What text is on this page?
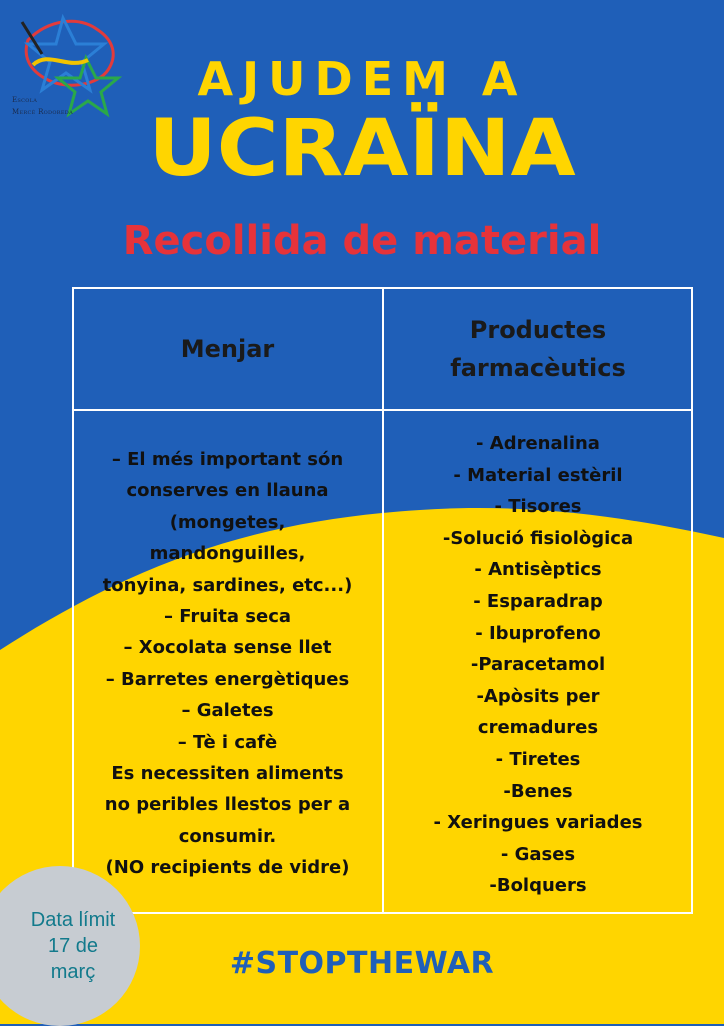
Escola
Mercè Rodoreda
AJUDEM A
UCRAÏNA
Recollida de material
Menjar
Productes
farmacèutics
– El més important són
conserves en llauna
(mongetes,
mandonguilles,
tonyina, sardines, etc...)
– Fruita seca
– Xocolata sense llet
– Barretes energètiques
– Galetes
– Tè i cafè
Es necessiten aliments
no peribles llestos per a
consumir.
(NO recipients de vidre)
- Adrenalina
- Material estèril
- Tisores
-Solució fisiològica
- Antisèptics
- Esparadrap
- Ibuprofeno
-Paracetamol
-Apòsits per
cremadures
- Tiretes
-Benes
- Xeringues variades
- Gases
-Bolquers
Data límit
17 de
març	#STOPTHEWAR
